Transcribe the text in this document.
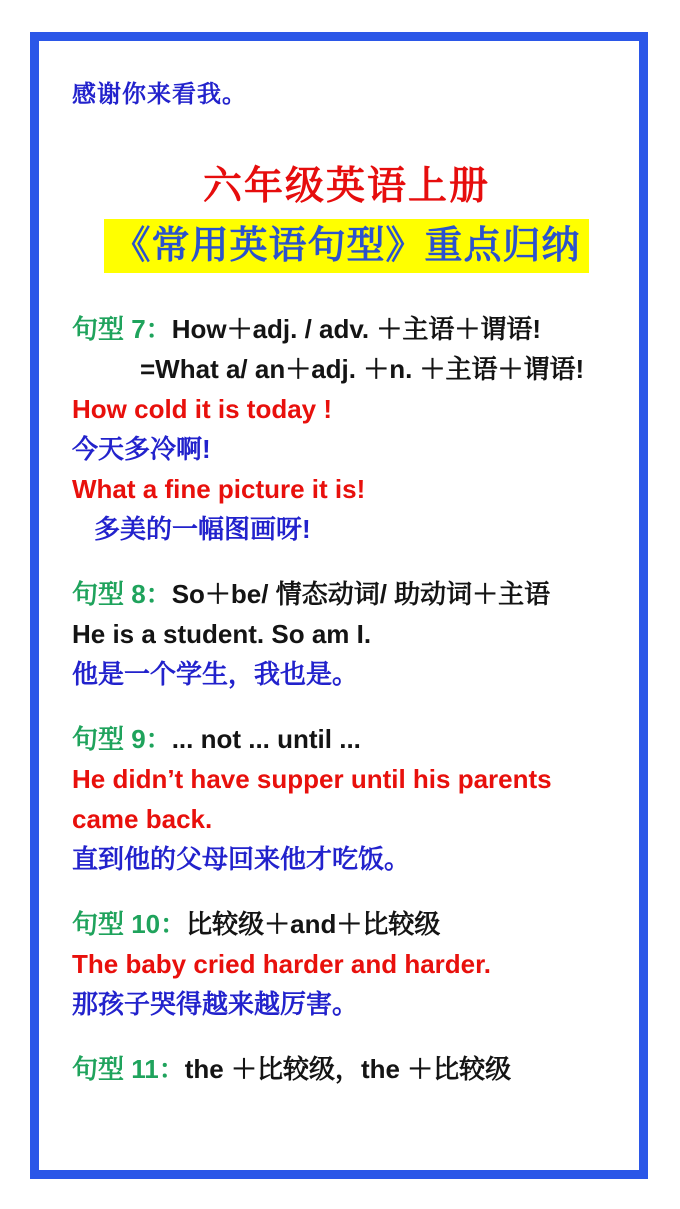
感谢你来看我。

六年级英语上册
《常用英语句型》重点归纳

句型 7：How＋adj. / adv. ＋主语＋谓语!

=What a/ an＋adj. ＋n. ＋主语＋谓语!

How cold it is today !

今天多冷啊!

What a fine picture it is!

多美的一幅图画呀!

句型 8：So＋be/ 情态动词/ 助动词＋主语

He is a student. So am I.

他是一个学生，我也是。

句型 9：... not ... until ...

He didn’t have supper until his parents

came back.

直到他的父母回来他才吃饭。

句型 10：比较级＋and＋比较级

The baby cried harder and harder.

那孩子哭得越来越厉害。

句型 11：the ＋比较级，the ＋比较级
